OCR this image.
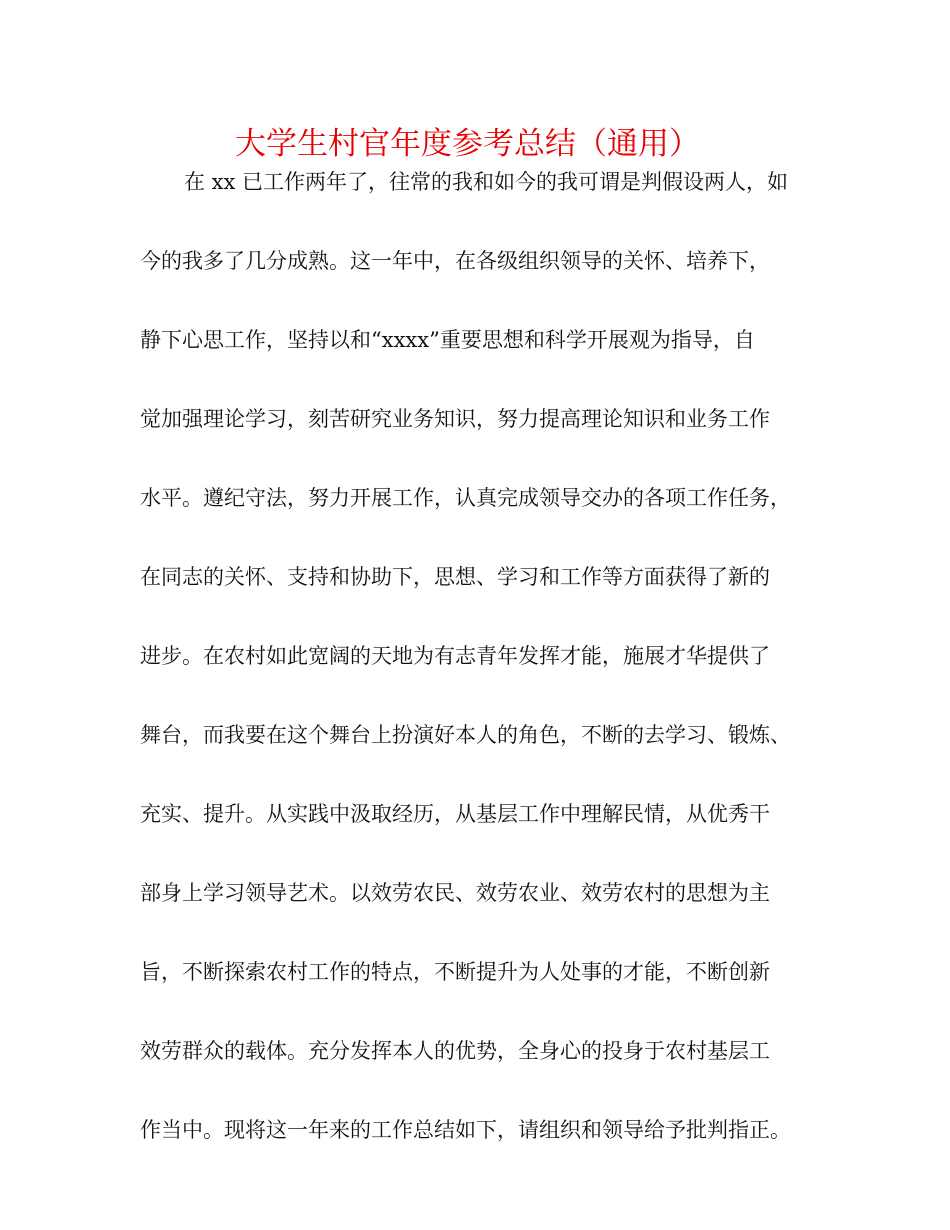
大学生村官年度参考总结（通用）
在 xx 已工作两年了，往常的我和如今的我可谓是判假设两人，如
今的我多了几分成熟。这一年中，在各级组织领导的关怀、培养下，
静下心思工作，坚持以和“xxxx”重要思想和科学开展观为指导，自
觉加强理论学习，刻苦研究业务知识，努力提高理论知识和业务工作
水平。遵纪守法，努力开展工作，认真完成领导交办的各项工作任务，
在同志的关怀、支持和协助下，思想、学习和工作等方面获得了新的
进步。在农村如此宽阔的天地为有志青年发挥才能，施展才华提供了
舞台，而我要在这个舞台上扮演好本人的角色，不断的去学习、锻炼、
充实、提升。从实践中汲取经历，从基层工作中理解民情，从优秀干
部身上学习领导艺术。以效劳农民、效劳农业、效劳农村的思想为主
旨，不断探索农村工作的特点，不断提升为人处事的才能，不断创新
效劳群众的载体。充分发挥本人的优势，全身心的投身于农村基层工
作当中。现将这一年来的工作总结如下，请组织和领导给予批判指正。
